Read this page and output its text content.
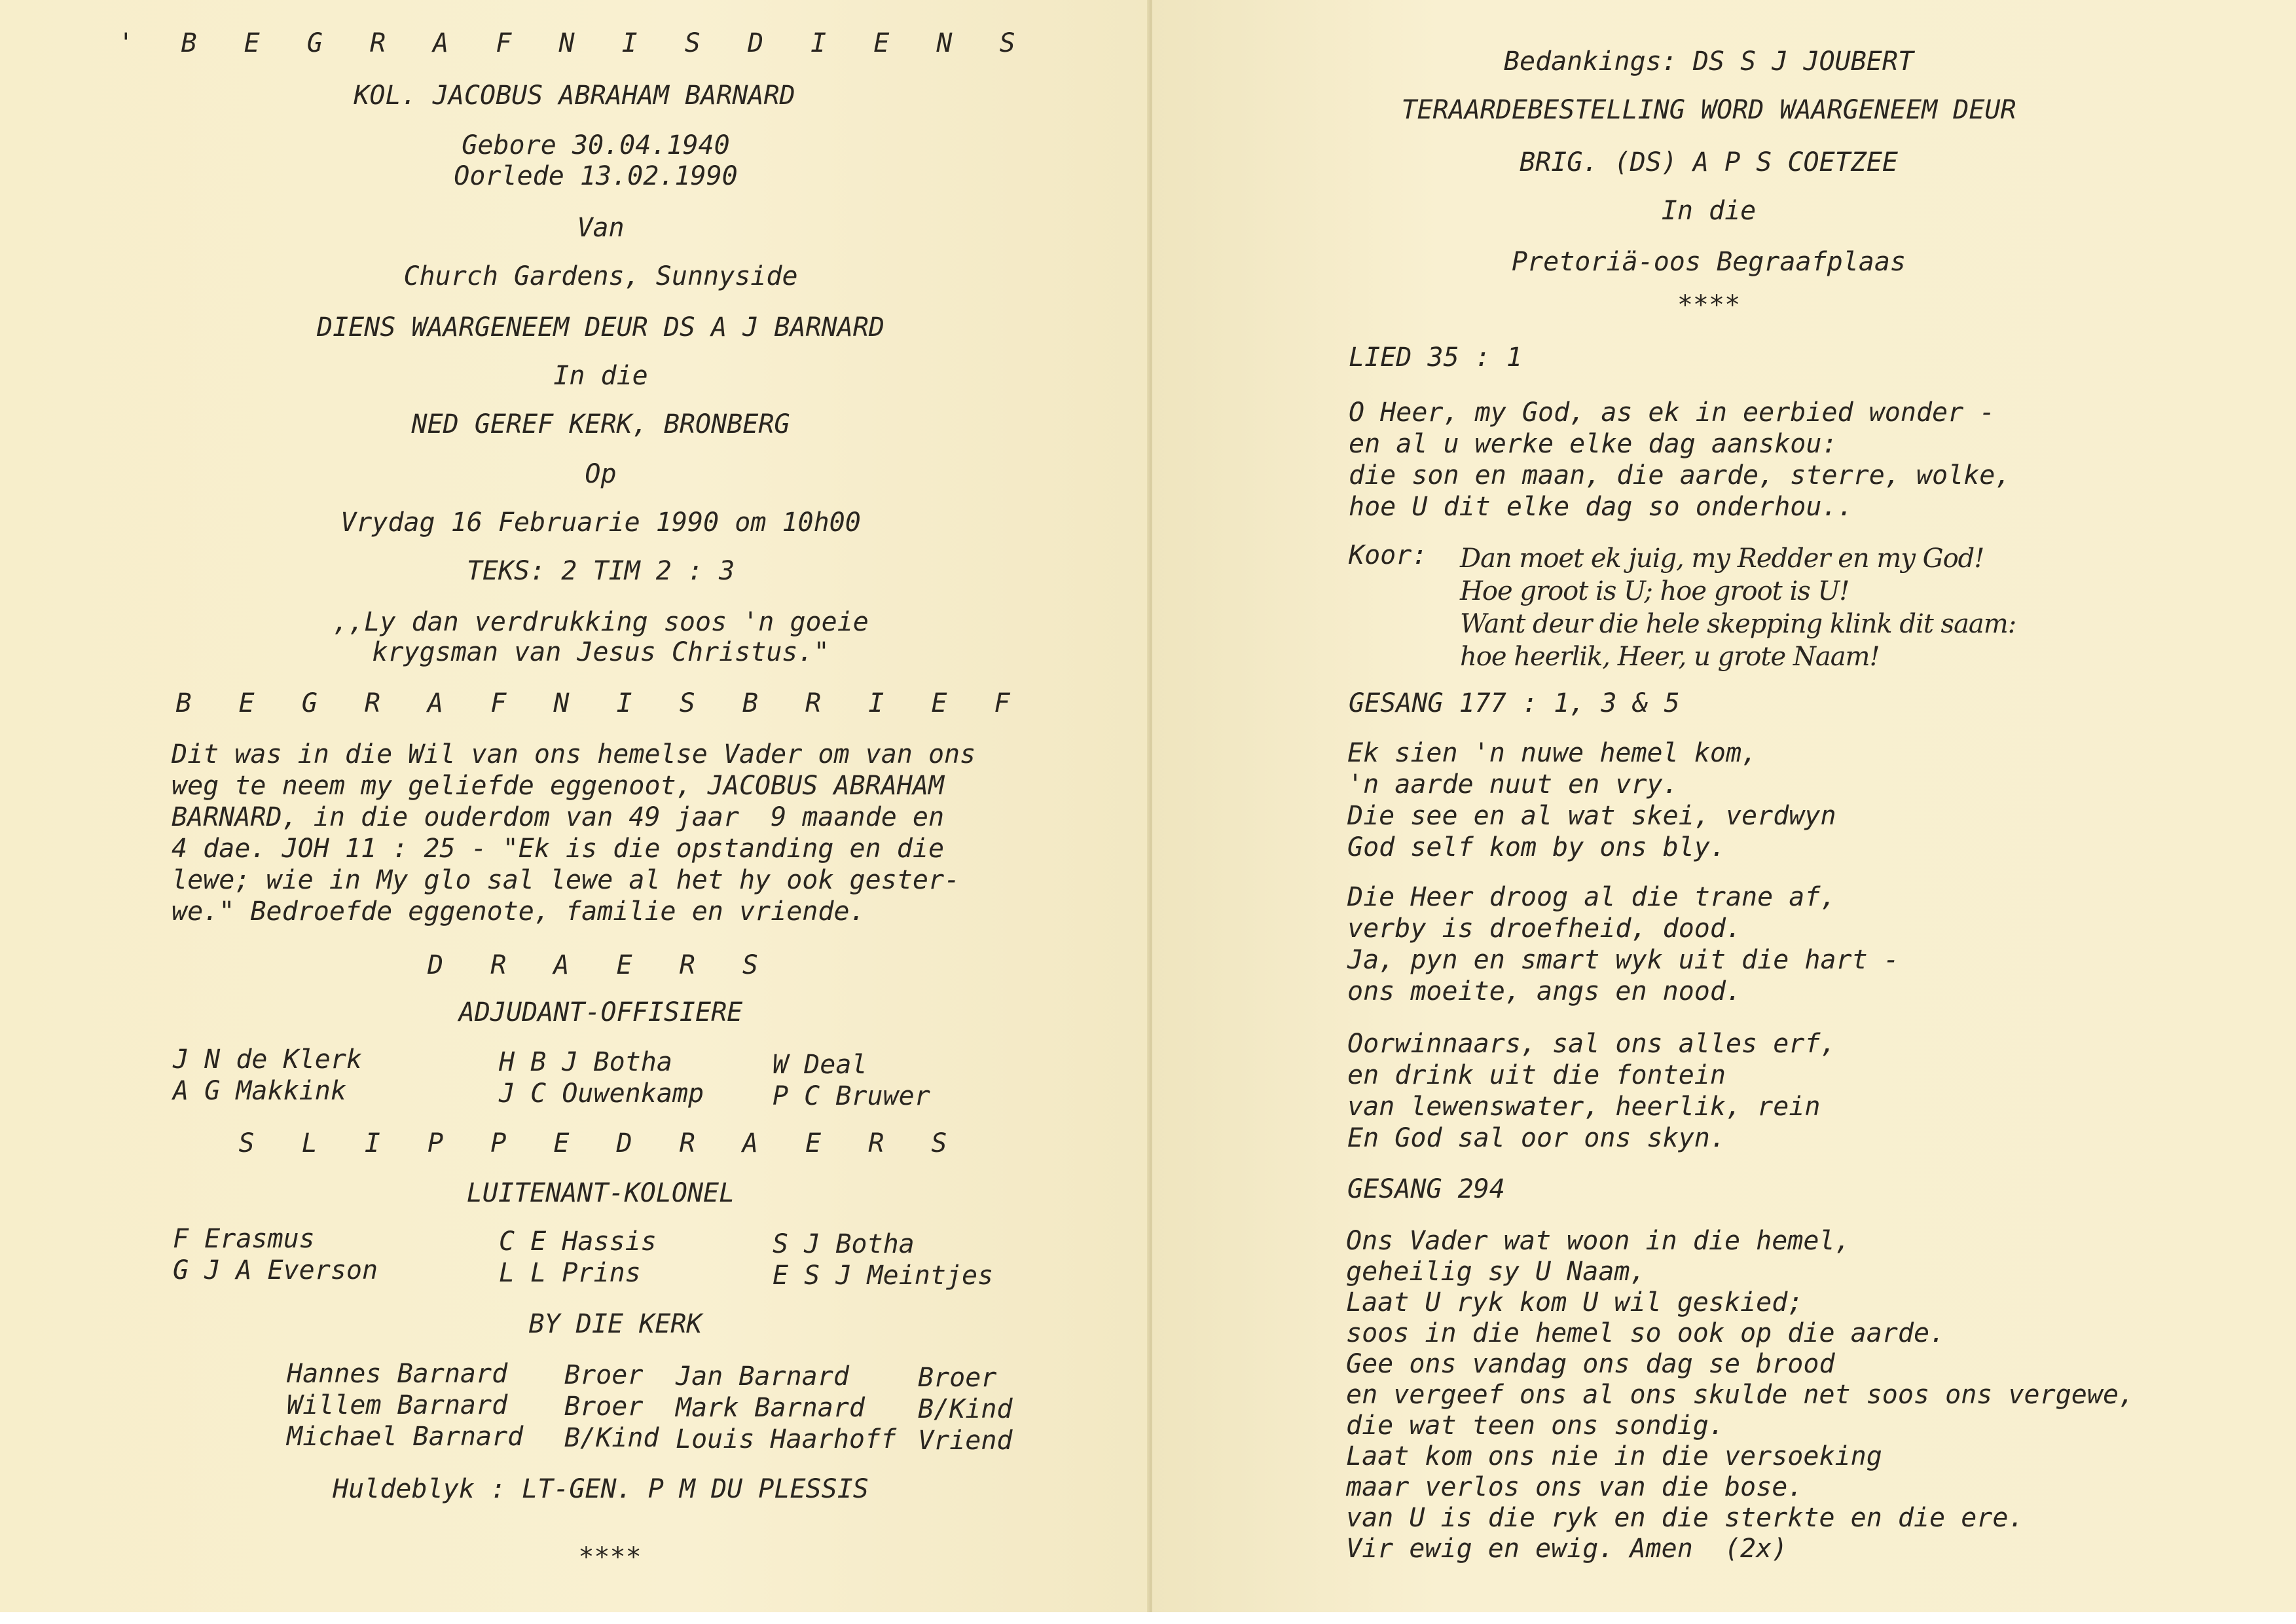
' B E G R A F N I S D I E N S

KOL. JACOBUS ABRAHAM BARNARD

Gebore 30.04.1940

Oorlede 13.02.1990

Van

Church Gardens, Sunnyside

DIENS WAARGENEEM DEUR DS A J BARNARD

In die

NED GEREF KERK, BRONBERG

Op

Vrydag 16 Februarie 1990 om 10h00

TEKS: 2 TIM 2 : 3

,,Ly dan verdrukking soos 'n goeie

krygsman van Jesus Christus."

B E G R A F N I S B R I E F

Dit was in die Wil van ons hemelse Vader om van ons
weg te neem my geliefde eggenoot, JACOBUS ABRAHAM
BARNARD, in die ouderdom van 49 jaar  9 maande en
4 dae. JOH 11 : 25 - "Ek is die opstanding en die
lewe; wie in My glo sal lewe al het hy ook gester-
we." Bedroefde eggenote, familie en vriende.

D R A E R S

ADJUDANT-OFFISIERE

J N de Klerk
A G Makkink
H B J Botha
J C Ouwenkamp
W Deal
P C Bruwer

S L I P P E D R A E R S

LUITENANT-KOLONEL

F Erasmus
G J A Everson
C E Hassis
L L Prins
S J Botha
E S J Meintjes

BY DIE KERK

Hannes Barnard
Willem Barnard
Michael Barnard
Broer
Broer
B/Kind
Jan Barnard
Mark Barnard
Louis Haarhoff
Broer
B/Kind
Vriend

Huldeblyk : LT-GEN. P M DU PLESSIS

****

Bedankings: DS S J JOUBERT

TERAARDEBESTELLING WORD WAARGENEEM DEUR

BRIG. (DS) A P S COETZEE

In die

Pretoriä-oos Begraafplaas

****

LIED 35 : 1

O Heer, my God, as ek in eerbied wonder -
en al u werke elke dag aanskou:
die son en maan, die aarde, sterre, wolke,
hoe U dit elke dag so onderhou..

Koor: Dan moet ek juig, my Redder en my God!
Hoe groot is U; hoe groot is U!
Want deur die hele skepping klink dit saam:
hoe heerlik, Heer, u grote Naam!

GESANG 177 : 1, 3 & 5

Ek sien 'n nuwe hemel kom,
'n aarde nuut en vry.
Die see en al wat skei, verdwyn
God self kom by ons bly.
Die Heer droog al die trane af,
verby is droefheid, dood.
Ja, pyn en smart wyk uit die hart -
ons moeite, angs en nood.
Oorwinnaars, sal ons alles erf,
en drink uit die fontein
van lewenswater, heerlik, rein
En God sal oor ons skyn.

GESANG 294

Ons Vader wat woon in die hemel,
geheilig sy U Naam,
Laat U ryk kom U wil geskied;
soos in die hemel so ook op die aarde.
Gee ons vandag ons dag se brood
en vergeef ons al ons skulde net soos ons vergewe,
die wat teen ons sondig.
Laat kom ons nie in die versoeking
maar verlos ons van die bose.
van U is die ryk en die sterkte en die ere.
Vir ewig en ewig. Amen  (2x)
